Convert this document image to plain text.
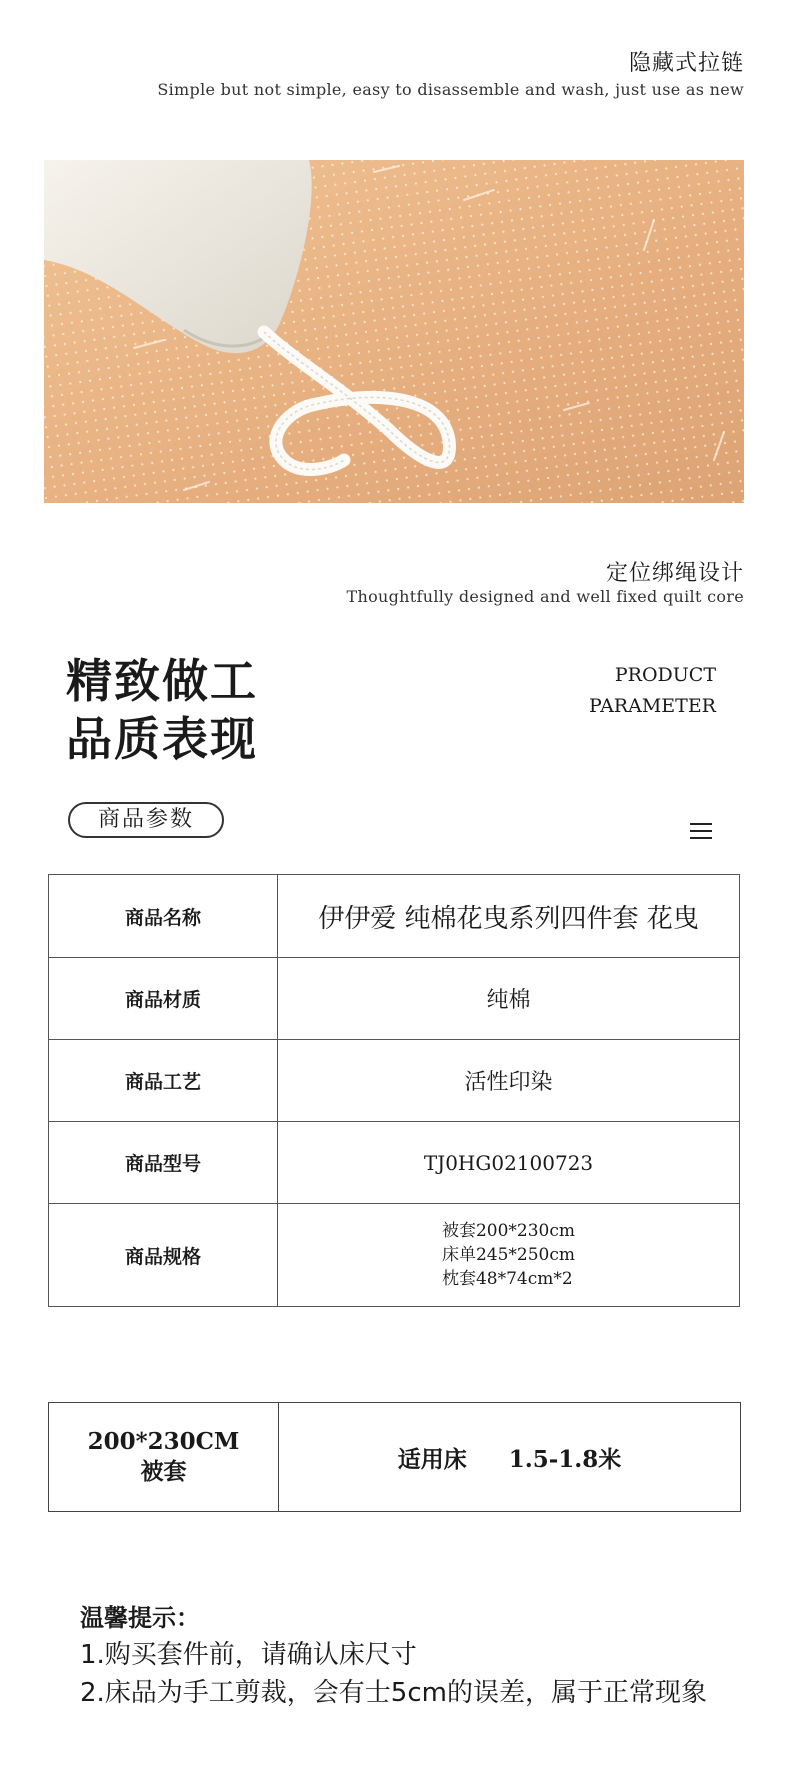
隐藏式拉链
Simple but not simple, easy to disassemble and wash, just use as new
定位绑绳设计
Thoughtfully designed and well fixed quilt core
精致做工
品质表现
PRODUCT
PARAMETER
商品参数
商品名称	伊伊爱 纯棉花曳系列四件套 花曳
商品材质	纯棉
商品工艺	活性印染
商品型号	TJ0HG02100723
商品规格	被套200*230cm
床单245*250cm
枕套48*74cm*2
200*230CM
被套	适用床 1.5-1.8米
温馨提示：
1.购买套件前，请确认床尺寸
2.床品为手工剪裁，会有士5cm的误差，属于正常现象
